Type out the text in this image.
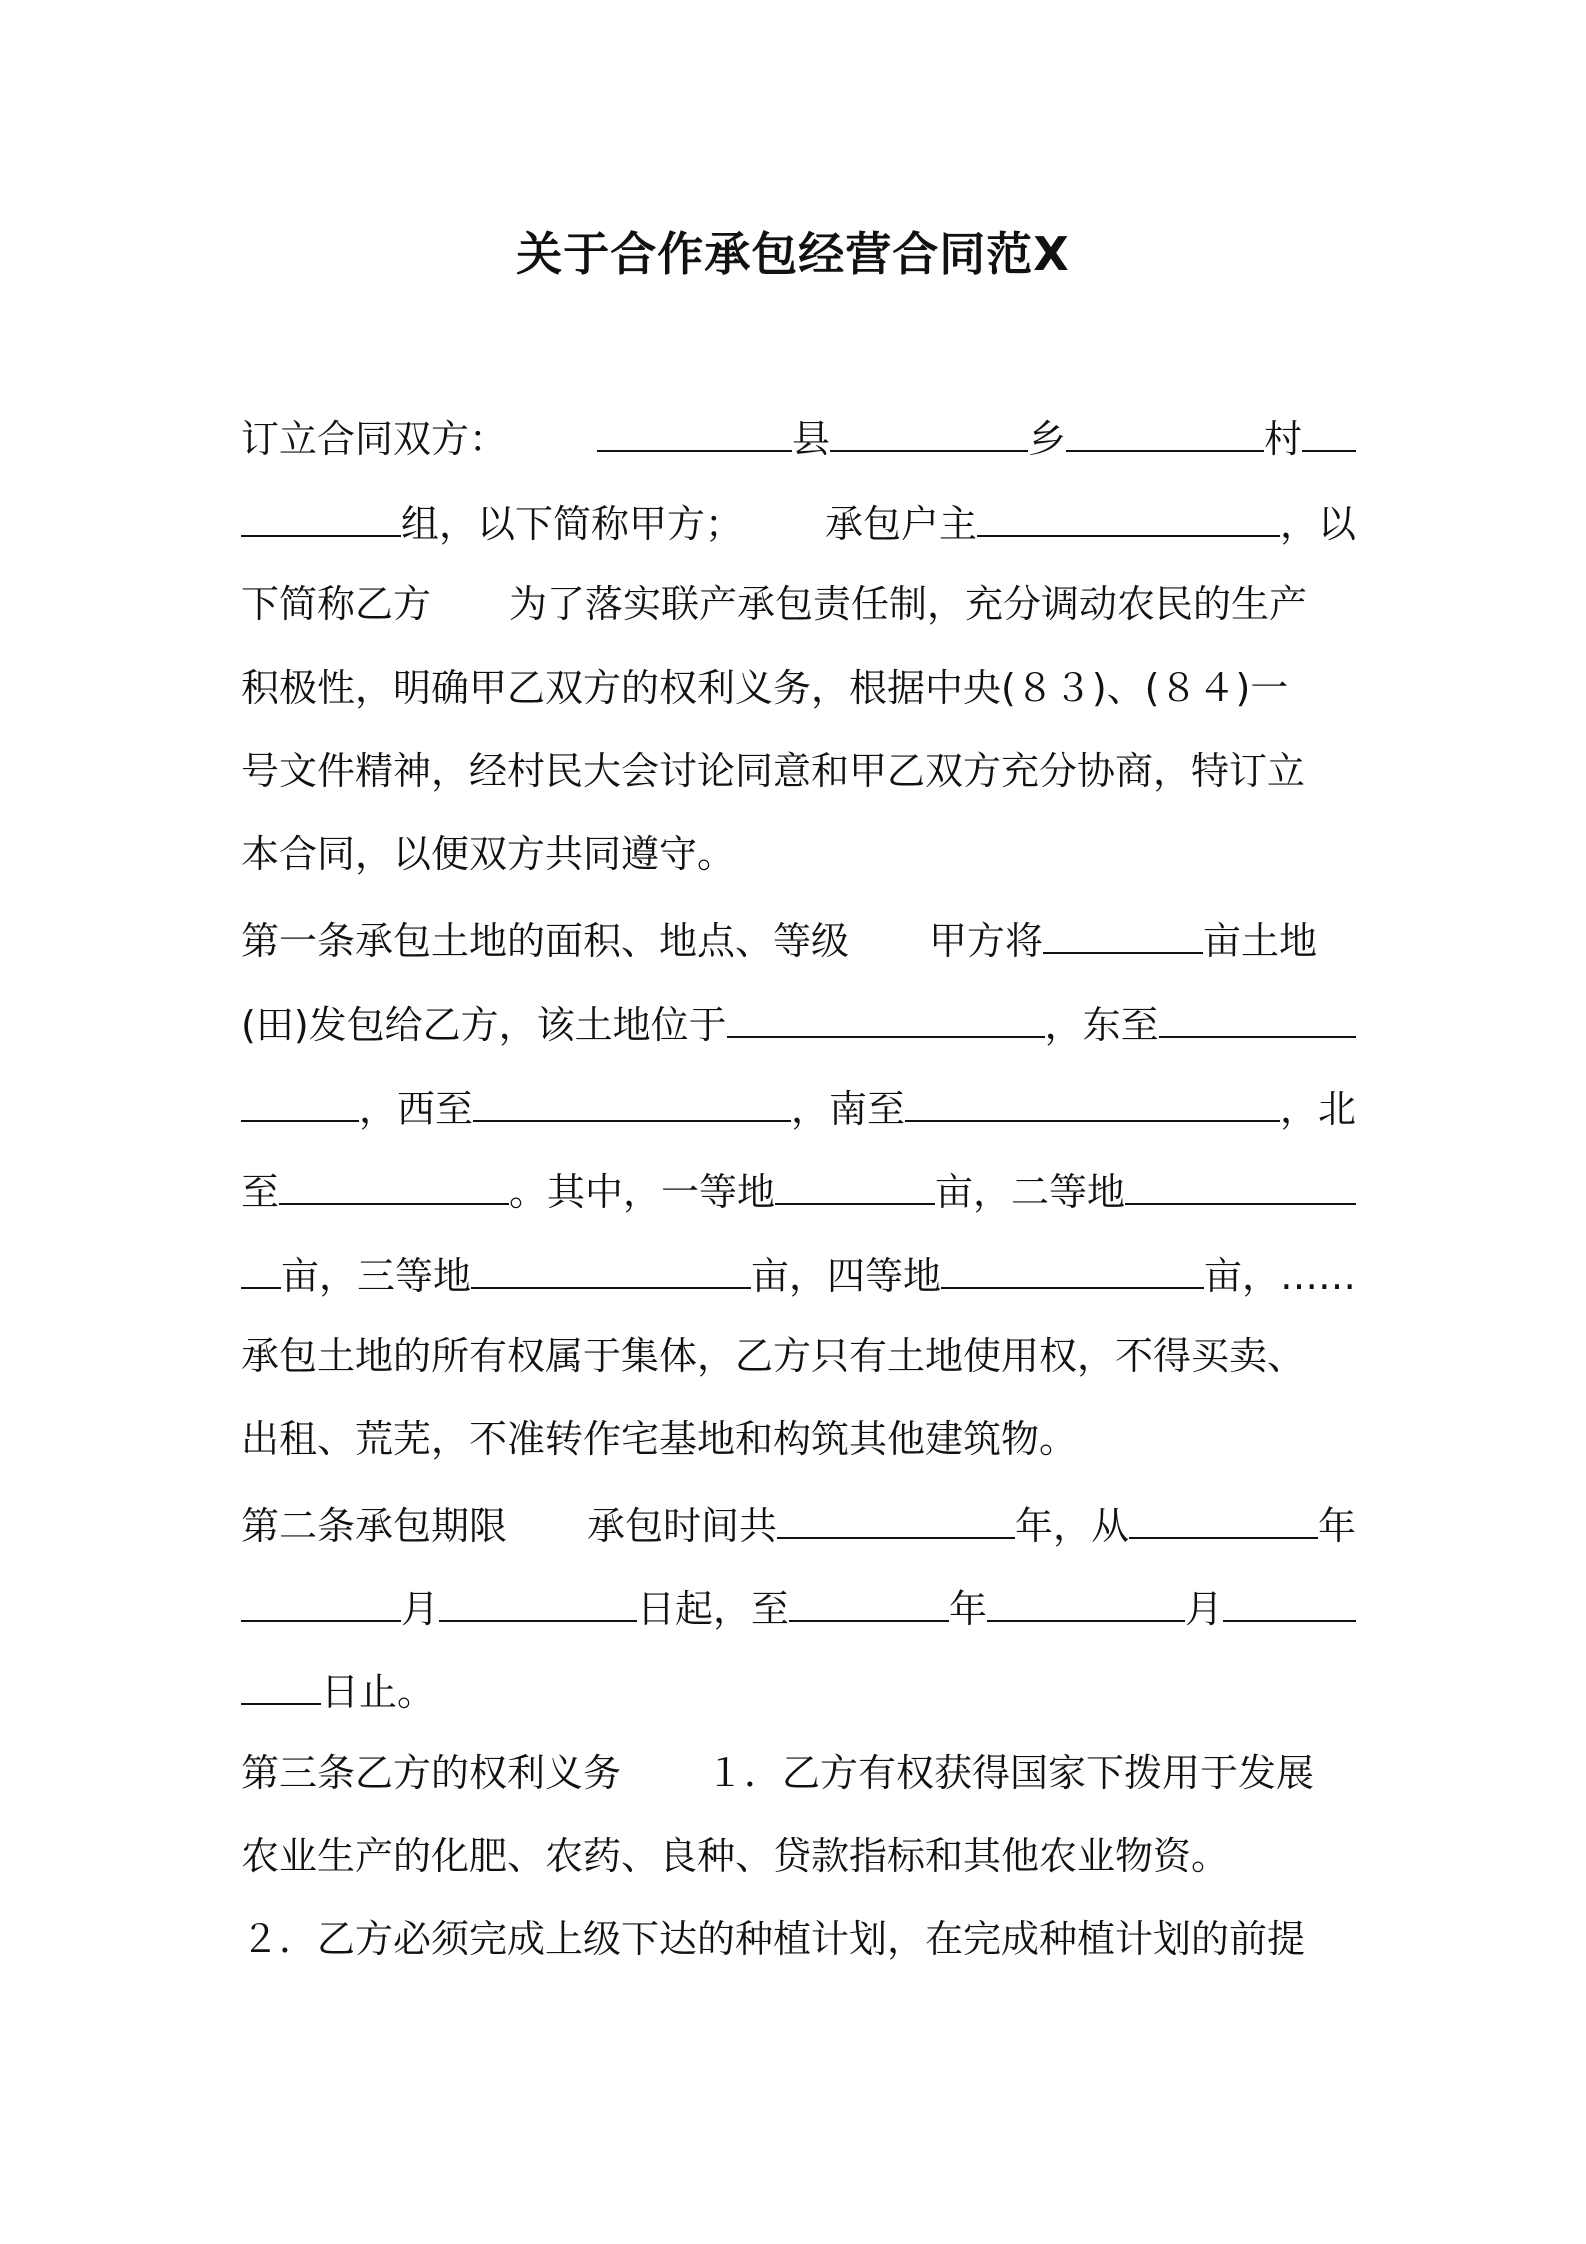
关于合作承包经营合同范X
订立合同双方：	县	乡	村
组，以下简称甲方； 承包户主	，以
下简称乙方 为了落实联产承包责任制，充分调动农民的生产
积极性，明确甲乙双方的权利义务，根据中央(８３)、(８４)一
号文件精神，经村民大会讨论同意和甲乙双方充分协商，特订立
本合同，以便双方共同遵守。
第一条承包土地的面积、地点、等级 甲方将	亩土地
(田)发包给乙方，该土地位于	，东至
，西至	，南至	，北
至	。其中，一等地	亩，二等地
亩，三等地	亩，四等地	亩，……
承包土地的所有权属于集体，乙方只有土地使用权，不得买卖、
出租、荒芜，不准转作宅基地和构筑其他建筑物。
第二条承包期限 承包时间共	年，从	年
月	日起，至	年	月
日止。
第三条乙方的权利义务 １．乙方有权获得国家下拨用于发展
农业生产的化肥、农药、良种、贷款指标和其他农业物资。
２．乙方必须完成上级下达的种植计划，在完成种植计划的前提
